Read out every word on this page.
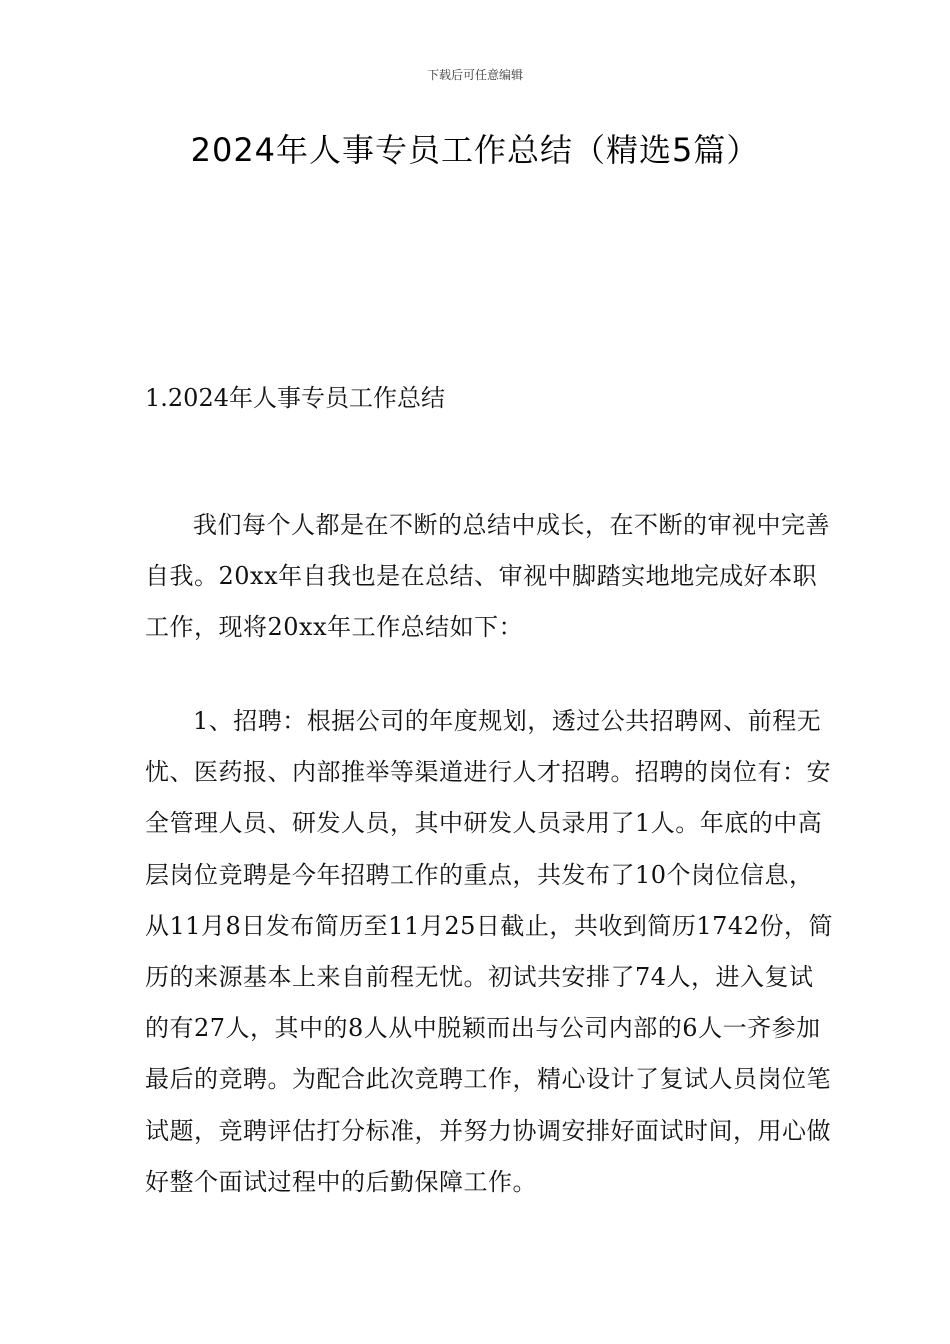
下载后可任意编辑
2024年人事专员工作总结（精选5篇）
1.2024年人事专员工作总结

我们每个人都是在不断的总结中成长，在不断的审视中完善自我。20xx年自我也是在总结、审视中脚踏实地地完成好本职工作，现将20xx年工作总结如下：

1、招聘：根据公司的年度规划，透过公共招聘网、前程无忧、医药报、内部推举等渠道进行人才招聘。招聘的岗位有：安全管理人员、研发人员，其中研发人员录用了1人。年底的中高层岗位竞聘是今年招聘工作的重点，共发布了10个岗位信息，从11月8日发布简历至11月25日截止，共收到简历1742份，简历的来源基本上来自前程无忧。初试共安排了74人，进入复试的有27人，其中的8人从中脱颖而出与公司内部的6人一齐参加最后的竞聘。为配合此次竞聘工作，精心设计了复试人员岗位笔试题，竞聘评估打分标准，并努力协调安排好面试时间，用心做好整个面试过程中的后勤保障工作。
